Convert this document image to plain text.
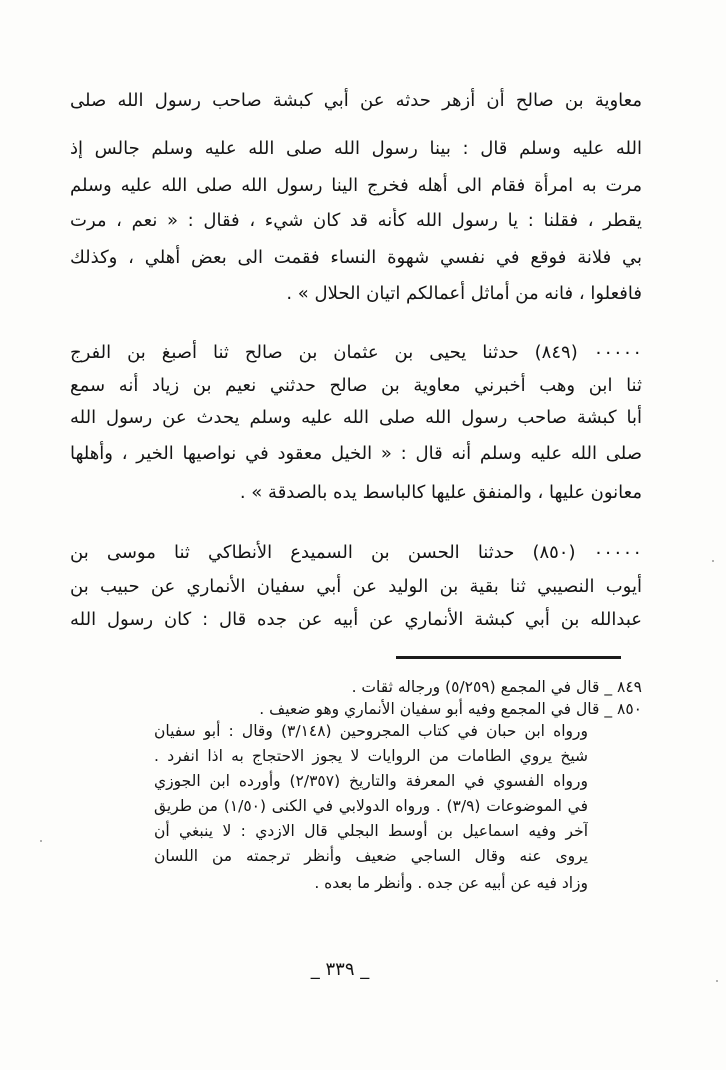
معاوية بن صالح أن أزهر حدثه عن أبي كبشة صاحب رسول الله صلى
الله عليه وسلم قال : بينا رسول الله صلى الله عليه وسلم جالس إذ
مرت به امرأة فقام الى أهله فخرج الينا رسول الله صلى الله عليه وسلم
يقطر ، فقلنا : يا رسول الله كأنه قد كان شيء ، فقال : « نعم ، مرت
بي فلانة فوقع في نفسي شهوة النساء فقمت الى بعض أهلي ، وكذلك
فافعلوا ، فانه من أماثل أعمالكم اتيان الحلال » .
٠٠٠٠٠ (٨٤٩) حدثنا يحيى بن عثمان بن صالح ثنا أصبغ بن الفرج
ثنا ابن وهب أخبرني معاوية بن صالح حدثني نعيم بن زياد أنه سمع
أبا كبشة صاحب رسول الله صلى الله عليه وسلم يحدث عن رسول الله
صلى الله عليه وسلم أنه قال : « الخيل معقود في نواصيها الخير ، وأهلها
معانون عليها ، والمنفق عليها كالباسط يده بالصدقة » .
٠٠٠٠٠ (٨٥٠) حدثنا الحسن بن السميدع الأنطاكي ثنا موسى بن
أيوب النصيبي ثنا بقية بن الوليد عن أبي سفيان الأنماري عن حبيب بن
عبدالله بن أبي كبشة الأنماري عن أبيه عن جده قال : كان رسول الله
٨٤٩ _ قال في المجمع (٥/٢٥٩) ورجاله ثقات .
٨٥٠ _ قال في المجمع وفيه أبو سفيان الأنماري وهو ضعيف .
ورواه ابن حبان في كتاب المجروحين (٣/١٤٨) وقال : أبو سفيان
شيخ يروي الطامات من الروايات لا يجوز الاحتجاج به اذا انفرد .
ورواه الفسوي في المعرفة والتاريخ (٢/٣٥٧) وأورده ابن الجوزي
في الموضوعات (٣/٩) . ورواه الدولابي في الكنى (١/٥٠) من طريق
آخر وفيه اسماعيل بن أوسط البجلي قال الازدي : لا ينبغي أن
يروى عنه وقال الساجي ضعيف وأنظر ترجمته من اللسان
وزاد فيه عن أبيه عن جده . وأنظر ما بعده .
_ ٣٣٩ _
